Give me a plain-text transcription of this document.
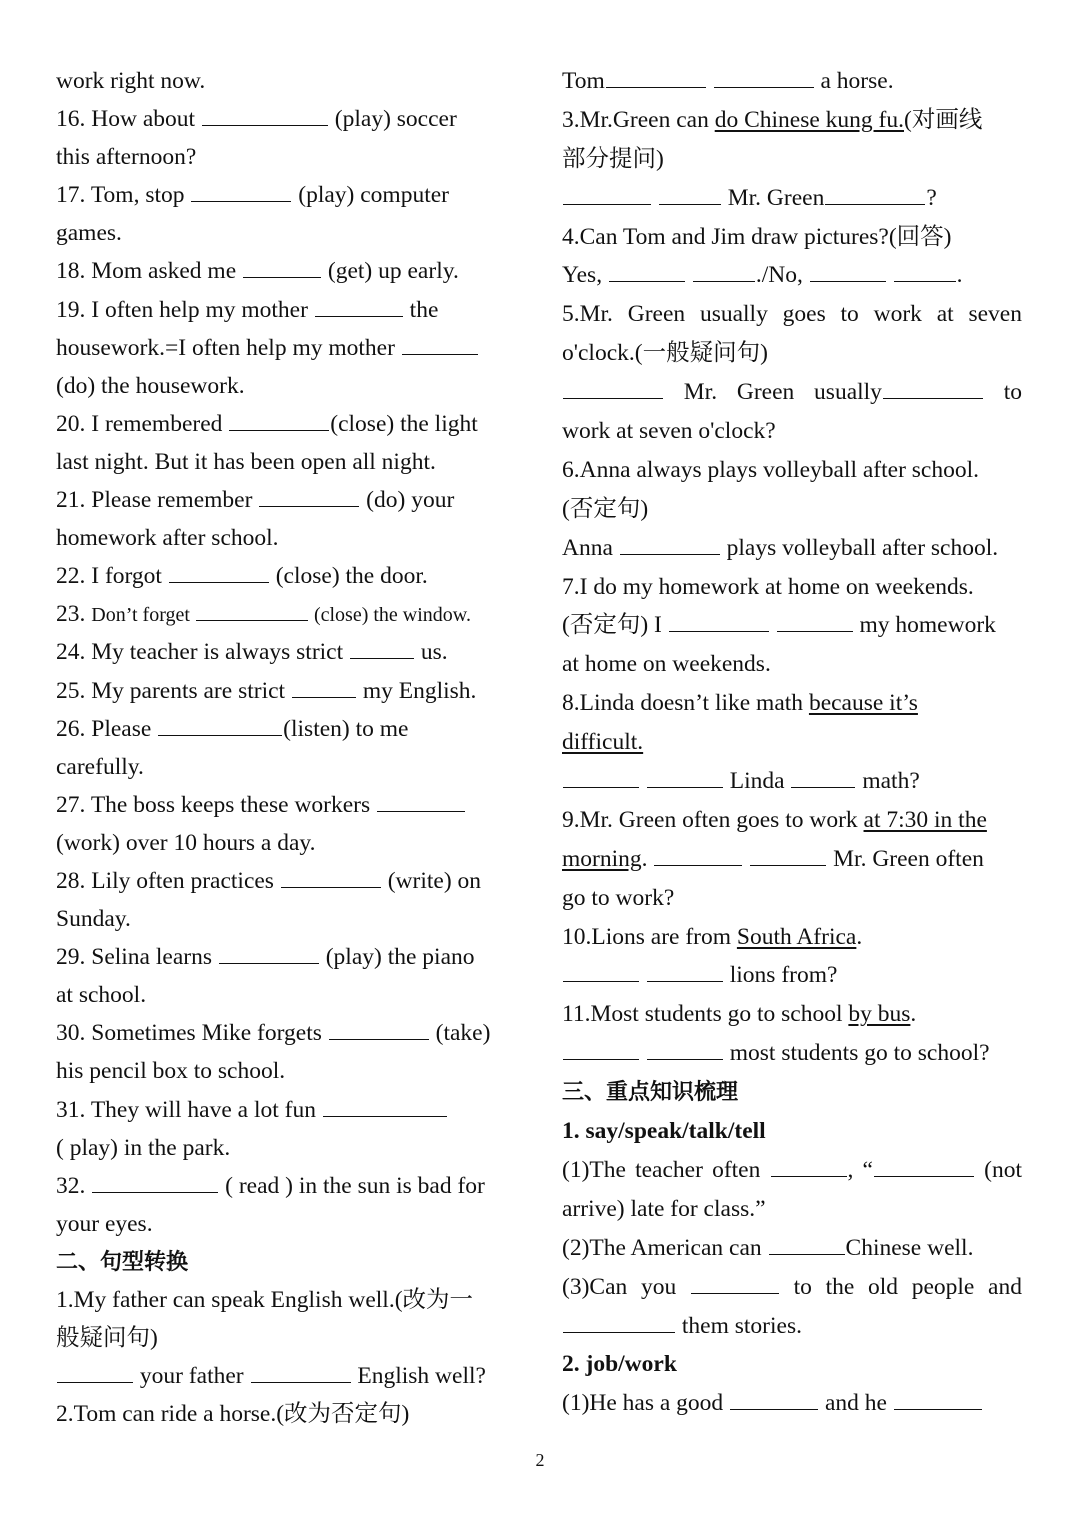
work right now.
16. How about	(play) soccer
this afternoon?
17. Tom, stop	(play) computer
games.
18. Mom asked me	(get) up early.
19. I often help my mother	the
housework.=I often help my mother
(do) the housework.
20. I remembered	(close) the light
last night. But it has been open all night.
21. Please remember	(do) your
homework after school.
22. I forgot	(close) the door.
23. Don’t forget	(close) the window.
24. My teacher is always strict	us.
25. My parents are strict	my English.
26. Please	(listen) to me
carefully.
27. The boss keeps these workers
(work) over 10 hours a day.
28. Lily often practices	(write) on
Sunday.
29. Selina learns	(play) the piano
at school.
30. Sometimes Mike forgets	(take)
his pencil box to school.
31. They will have a lot fun
( play) in the park.
32.	( read ) in the sun is bad for
your eyes.
二、句型转换
1.My father can speak English well.(改为一
般疑问句)
your father	English well?
2.Tom can ride a horse.(改为否定句)
Tom	a horse.
3.Mr.Green can do Chinese kung fu.(对画线
部分提问)
Mr. Green	?
4.Can Tom and Jim draw pictures?(回答)
Yes,	./No,	.
5.Mr. Green usually goes to work at seven
o'clock.(一般疑问句)
Mr. Green usually	to
work at seven o'clock?
6.Anna always plays volleyball after school.
(否定句)
Anna	plays volleyball after school.
7.I do my homework at home on weekends.
(否定句) I	my homework
at home on weekends.
8.Linda doesn’t like math because it’s
difficult.
Linda	math?
9.Mr. Green often goes to work at 7:30 in the
morning.	Mr. Green often
go to work?
10.Lions are from South Africa.
lions from?
11.Most students go to school by bus.
most students go to school?
三、重点知识梳理
1. say/speak/talk/tell
(1)The teacher often	, “	(not
arrive) late for class.”
(2)The American can	Chinese well.
(3)Can you	to the old people and
them stories.
2. job/work
(1)He has a good	and he
2
